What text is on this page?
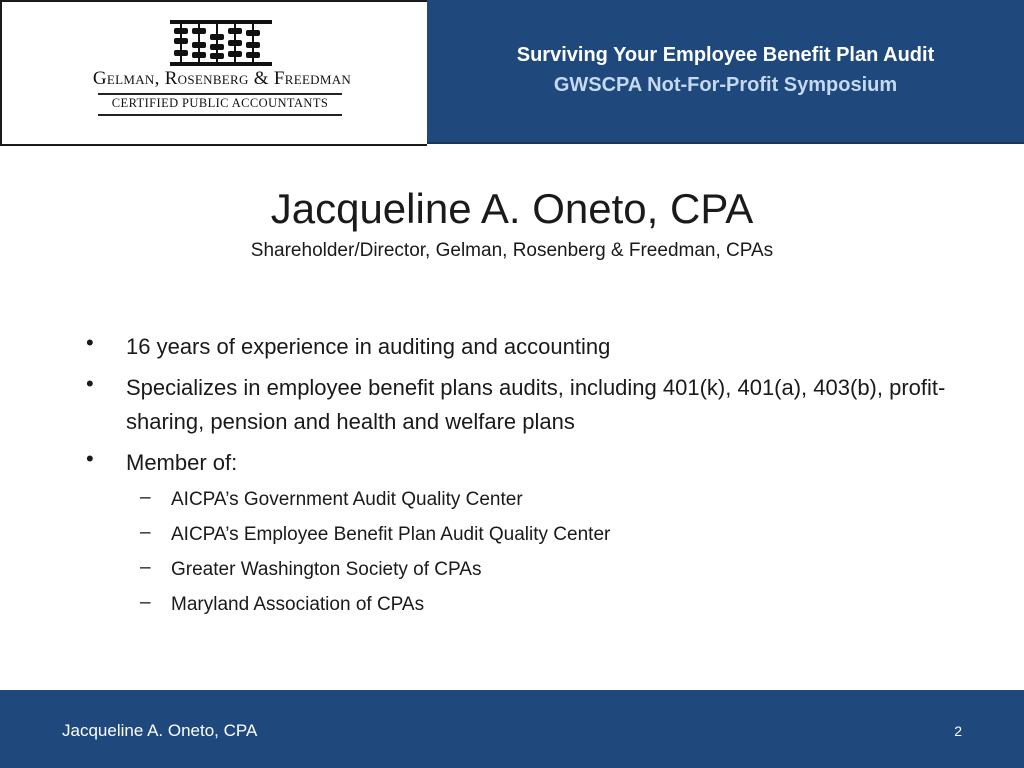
Gelman, Rosenberg & Freedman
CERTIFIED PUBLIC ACCOUNTANTS
Surviving Your Employee Benefit Plan Audit
GWSCPA Not-For-Profit Symposium
Jacqueline A. Oneto, CPA
Shareholder/Director, Gelman, Rosenberg & Freedman, CPAs
• 16 years of experience in auditing and accounting
• Specializes in employee benefit plans audits, including 401(k), 401(a), 403(b), profit-sharing, pension and health and welfare plans
• Member of:
– AICPA’s Government Audit Quality Center
– AICPA’s Employee Benefit Plan Audit Quality Center
– Greater Washington Society of CPAs
– Maryland Association of CPAs
Jacqueline A. Oneto, CPA	2
